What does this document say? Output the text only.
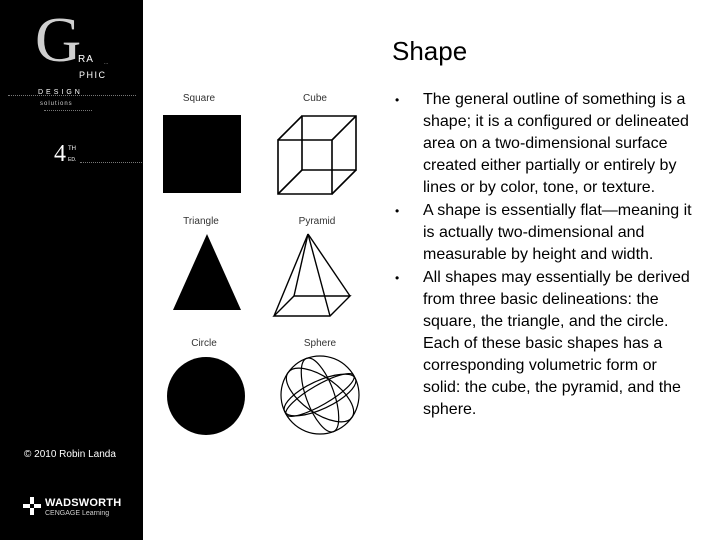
G
RA ...
PHIC
DESIGN
solutions
4 TH
ED.
© 2010 Robin Landa
WADSWORTH
CENGAGE Learning
Shape
Square	Cube
Triangle	Pyramid
Circle	Sphere
• The general outline of something is a shape; it is a configured or delineated area on a two-dimensional surface created either partially or entirely by lines or by color, tone, or texture.
• A shape is essentially flat—meaning it is actually two-dimensional and measurable by height and width.
• All shapes may essentially be derived from three basic delineations: the square, the triangle, and the circle. Each of these basic shapes has a corresponding volumetric form or solid: the cube, the pyramid, and the sphere.
